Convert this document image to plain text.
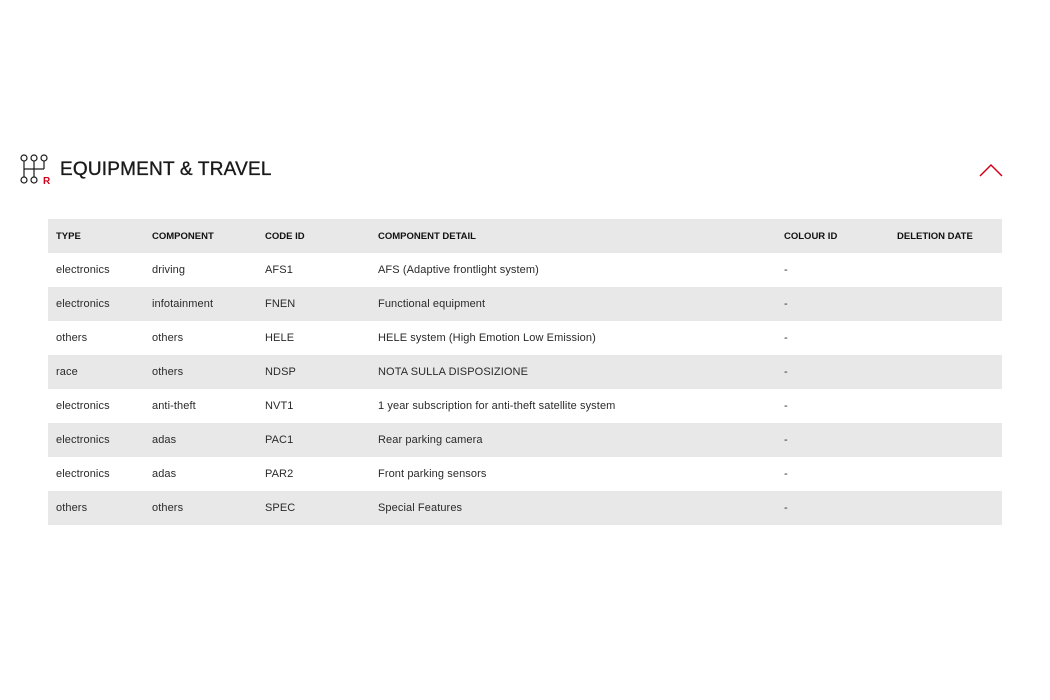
R
EQUIPMENT & TRAVEL
TYPE	COMPONENT	CODE ID	COMPONENT DETAIL	COLOUR ID	DELETION DATE
electronics	driving	AFS1	AFS (Adaptive frontlight system)	-	
electronics	infotainment	FNEN	Functional equipment	-	
others	others	HELE	HELE system (High Emotion Low Emission)	-	
race	others	NDSP	NOTA SULLA DISPOSIZIONE	-	
electronics	anti-theft	NVT1	1 year subscription for anti-theft satellite system	-	
electronics	adas	PAC1	Rear parking camera	-	
electronics	adas	PAR2	Front parking sensors	-	
others	others	SPEC	Special Features	-	
